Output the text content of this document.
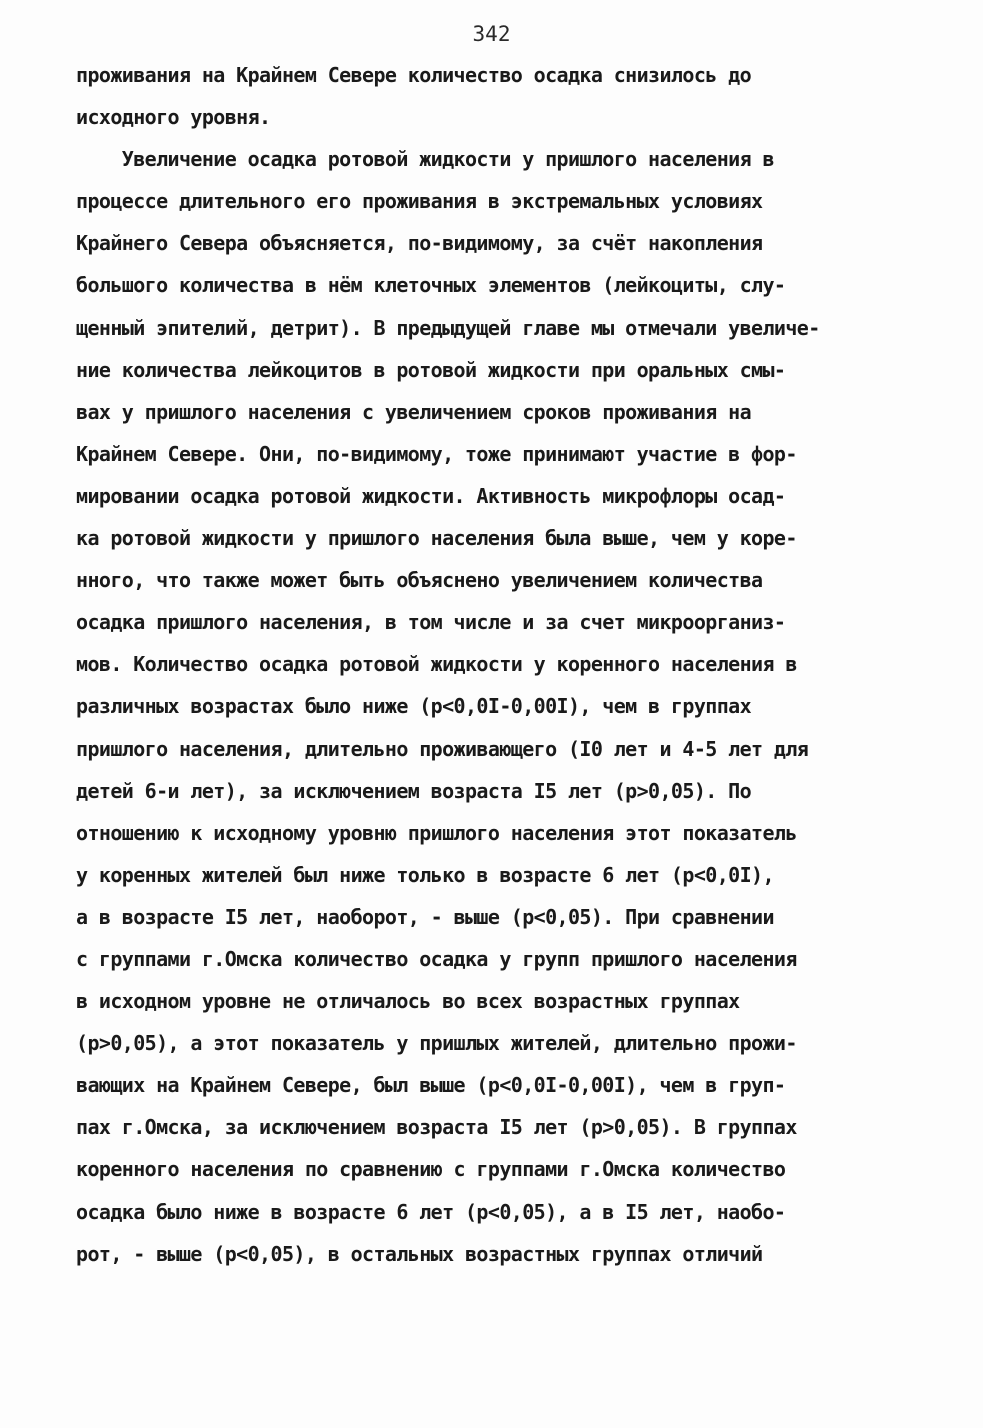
342
проживания на Крайнем Севере количество осадка снизилось до
исходного уровня.
Увеличение осадка ротовой жидкости у пришлого населения в
процессе длительного его проживания в экстремальных условиях
Крайнего Севера объясняется, по-видимому, за счёт накопления
большого количества в нём клеточных элементов (лейкоциты, слу-
щенный эпителий, детрит). В предыдущей главе мы отмечали увеличе-
ние количества лейкоцитов в ротовой жидкости при оральных смы-
вах у пришлого населения с увеличением сроков проживания на
Крайнем Севере. Они, по-видимому, тоже принимают участие в фор-
мировании осадка ротовой жидкости. Активность микрофлоры осад-
ка ротовой жидкости у пришлого населения была выше, чем у коре-
нного, что также может быть объяснено увеличением количества
осадка пришлого населения, в том числе и за счет микроорганиз-
мов. Количество осадка ротовой жидкости у коренного населения в
различных возрастах было ниже (р<0,0I-0,00I), чем в группах
пришлого населения, длительно проживающего (I0 лет и 4-5 лет для
детей 6-и лет), за исключением возраста I5 лет (р>0,05). По
отношению к исходному уровню пришлого населения этот показатель
у коренных жителей был ниже только в возрасте 6 лет (р<0,0I),
а в возрасте I5 лет, наоборот, - выше (р<0,05). При сравнении
с группами г.Омска количество осадка у групп пришлого населения
в исходном уровне не отличалось во всех возрастных группах
(р>0,05), а этот показатель у пришлых жителей, длительно прожи-
вающих на Крайнем Севере, был выше (р<0,0I-0,00I), чем в груп-
пах г.Омска, за исключением возраста I5 лет (р>0,05). В группах
коренного населения по сравнению с группами г.Омска количество
осадка было ниже в возрасте 6 лет (р<0,05), а в I5 лет, наобо-
рот, - выше (р<0,05), в остальных возрастных группах отличий
